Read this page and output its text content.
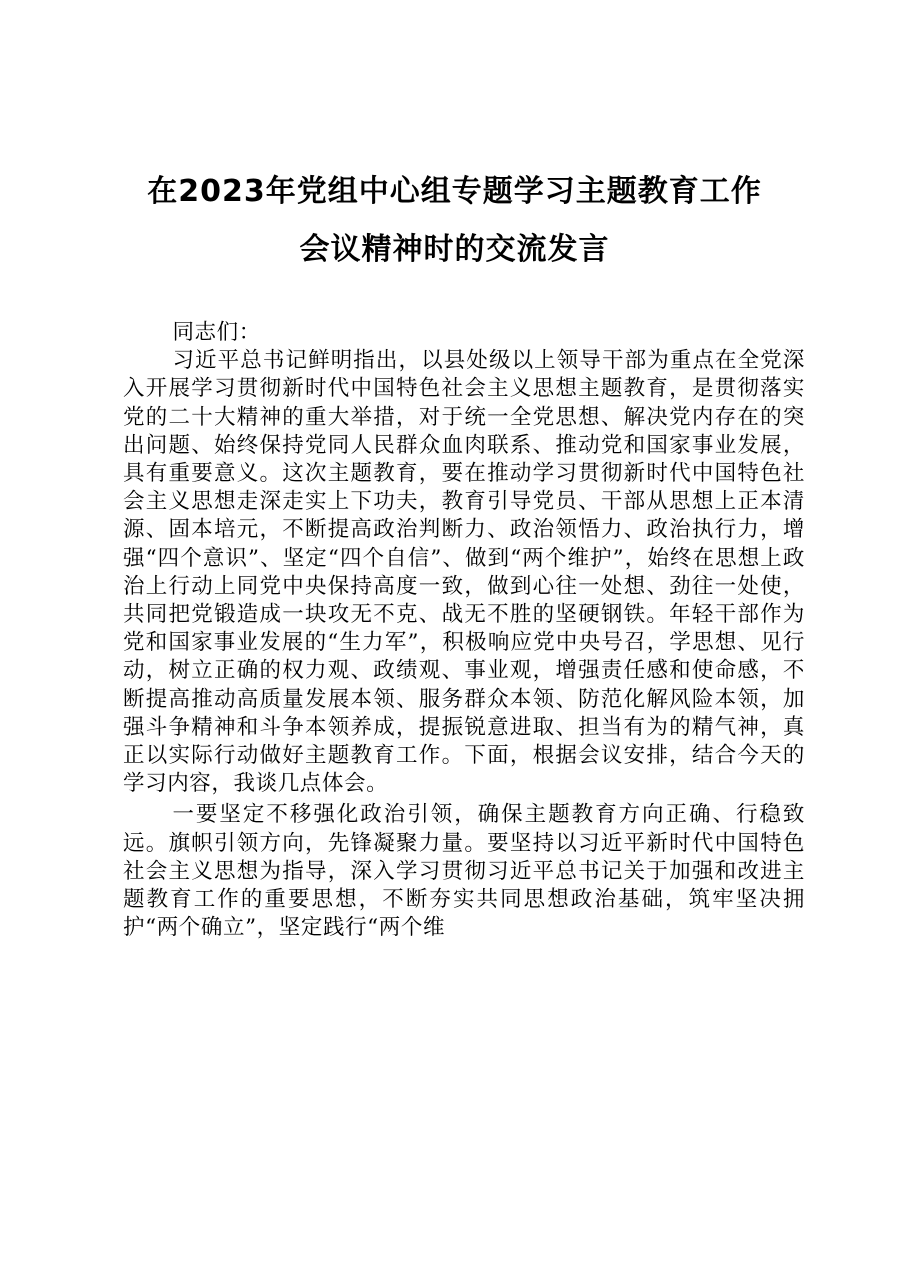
在2023年党组中心组专题学习主题教育工作
会议精神时的交流发言

同志们：

习近平总书记鲜明指出，以县处级以上领导干部为重点在全党深入开展学习贯彻新时代中国特色社会主义思想主题教育，是贯彻落实党的二十大精神的重大举措，对于统一全党思想、解决党内存在的突出问题、始终保持党同人民群众血肉联系、推动党和国家事业发展，具有重要意义。这次主题教育，要在推动学习贯彻新时代中国特色社会主义思想走深走实上下功夫，教育引导党员、干部从思想上正本清源、固本培元，不断提高政治判断力、政治领悟力、政治执行力，增强“四个意识”、坚定“四个自信”、做到“两个维护”，始终在思想上政治上行动上同党中央保持高度一致，做到心往一处想、劲往一处使，共同把党锻造成一块攻无不克、战无不胜的坚硬钢铁。年轻干部作为党和国家事业发展的“生力军”，积极响应党中央号召，学思想、见行动，树立正确的权力观、政绩观、事业观，增强责任感和使命感，不断提高推动高质量发展本领、服务群众本领、防范化解风险本领，加强斗争精神和斗争本领养成，提振锐意进取、担当有为的精气神，真正以实际行动做好主题教育工作。下面，根据会议安排，结合今天的学习内容，我谈几点体会。

一要坚定不移强化政治引领，确保主题教育方向正确、行稳致远。旗帜引领方向，先锋凝聚力量。要坚持以习近平新时代中国特色社会主义思想为指导，深入学习贯彻习近平总书记关于加强和改进主题教育工作的重要思想，不断夯实共同思想政治基础，筑牢坚决拥护“两个确立”，坚定践行“两个维
